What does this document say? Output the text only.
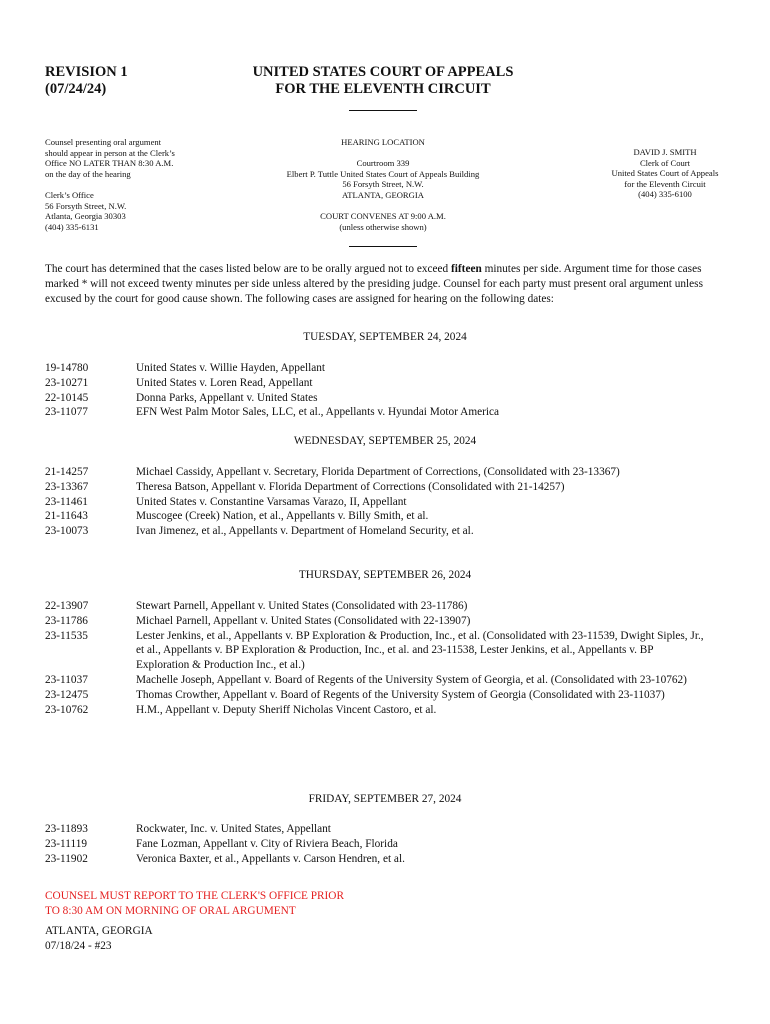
REVISION 1
(07/24/24)
UNITED STATES COURT OF APPEALS
FOR THE ELEVENTH CIRCUIT
Counsel presenting oral argument
should appear in person at the Clerk’s
Office NO LATER THAN 8:30 A.M.
on the day of the hearing
Clerk’s Office
56 Forsyth Street, N.W.
Atlanta, Georgia 30303
(404) 335-6131
HEARING LOCATION
Courtroom 339
Elbert P. Tuttle United States Court of Appeals Building
56 Forsyth Street, N.W.
ATLANTA, GEORGIA
COURT CONVENES AT 9:00 A.M.
(unless otherwise shown)
DAVID J. SMITH
Clerk of Court
United States Court of Appeals
for the Eleventh Circuit
(404) 335-6100
The court has determined that the cases listed below are to be orally argued not to exceed fifteen minutes per side. Argument time for those cases marked * will not exceed twenty minutes per side unless altered by the presiding judge. Counsel for each party must present oral argument unless excused by the court for good cause shown. The following cases are assigned for hearing on the following dates:
TUESDAY, SEPTEMBER 24, 2024
19-14780	United States v. Willie Hayden, Appellant
23-10271	United States v. Loren Read, Appellant
22-10145	Donna Parks, Appellant v. United States
23-11077	EFN West Palm Motor Sales, LLC, et al., Appellants v. Hyundai Motor America
WEDNESDAY, SEPTEMBER 25, 2024
21-14257	Michael Cassidy, Appellant v. Secretary, Florida Department of Corrections, (Consolidated with 23-13367)
23-13367	Theresa Batson, Appellant v. Florida Department of Corrections (Consolidated with 21-14257)
23-11461	United States v. Constantine Varsamas Varazo, II, Appellant
21-11643	Muscogee (Creek) Nation, et al., Appellants v. Billy Smith, et al.
23-10073	Ivan Jimenez, et al., Appellants v. Department of Homeland Security, et al.
THURSDAY, SEPTEMBER 26, 2024
22-13907	Stewart Parnell, Appellant v. United States (Consolidated with 23-11786)
23-11786	Michael Parnell, Appellant v. United States (Consolidated with 22-13907)
23-11535	Lester Jenkins, et al., Appellants v. BP Exploration & Production, Inc., et al. (Consolidated with 23-11539, Dwight Siples, Jr., et al., Appellants v. BP Exploration & Production, Inc., et al. and 23-11538, Lester Jenkins, et al., Appellants v. BP Exploration & Production Inc., et al.)
23-11037	Machelle Joseph, Appellant v. Board of Regents of the University System of Georgia, et al. (Consolidated with 23-10762)
23-12475	Thomas Crowther, Appellant v. Board of Regents of the University System of Georgia (Consolidated with 23-11037)
23-10762	H.M., Appellant v. Deputy Sheriff Nicholas Vincent Castoro, et al.
FRIDAY, SEPTEMBER 27, 2024
23-11893	Rockwater, Inc. v. United States, Appellant
23-11119	Fane Lozman, Appellant v. City of Riviera Beach, Florida
23-11902	Veronica Baxter, et al., Appellants v. Carson Hendren, et al.
COUNSEL MUST REPORT TO THE CLERK'S OFFICE PRIOR
TO 8:30 AM ON MORNING OF ORAL ARGUMENT
ATLANTA, GEORGIA
07/18/24 - #23
